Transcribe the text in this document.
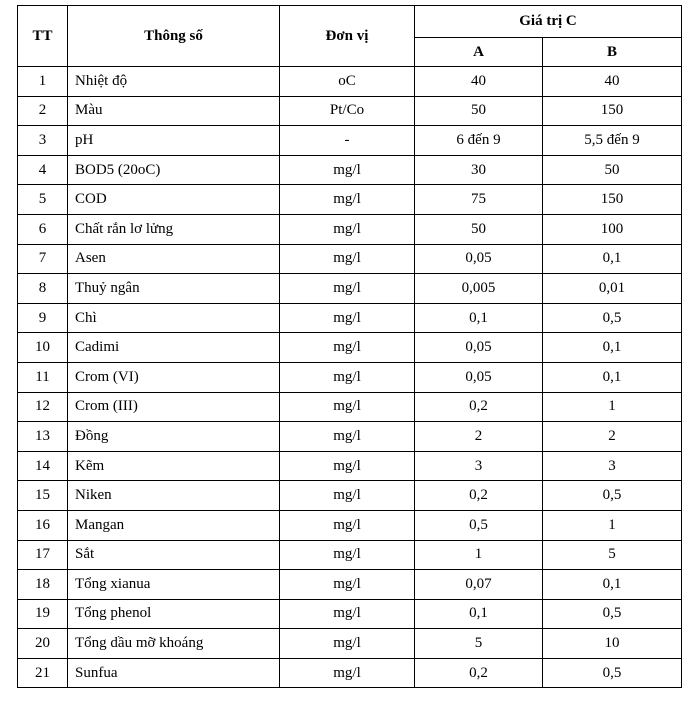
TT	Thông số	Đơn vị	Giá trị C	
			A	B
1	Nhiệt độ	oC	40	40
2	Màu	Pt/Co	50	150
3	pH	-	6 đến 9	5,5 đến 9
4	BOD5 (20oC)	mg/l	30	50
5	COD	mg/l	75	150
6	Chất rắn lơ lửng	mg/l	50	100
7	Asen	mg/l	0,05	0,1
8	Thuỷ ngân	mg/l	0,005	0,01
9	Chì	mg/l	0,1	0,5
10	Cadimi	mg/l	0,05	0,1
11	Crom (VI)	mg/l	0,05	0,1
12	Crom (III)	mg/l	0,2	1
13	Đồng	mg/l	2	2
14	Kẽm	mg/l	3	3
15	Niken	mg/l	0,2	0,5
16	Mangan	mg/l	0,5	1
17	Sắt	mg/l	1	5
18	Tổng xianua	mg/l	0,07	0,1
19	Tổng phenol	mg/l	0,1	0,5
20	Tổng dầu mỡ khoáng	mg/l	5	10
21	Sunfua	mg/l	0,2	0,5
